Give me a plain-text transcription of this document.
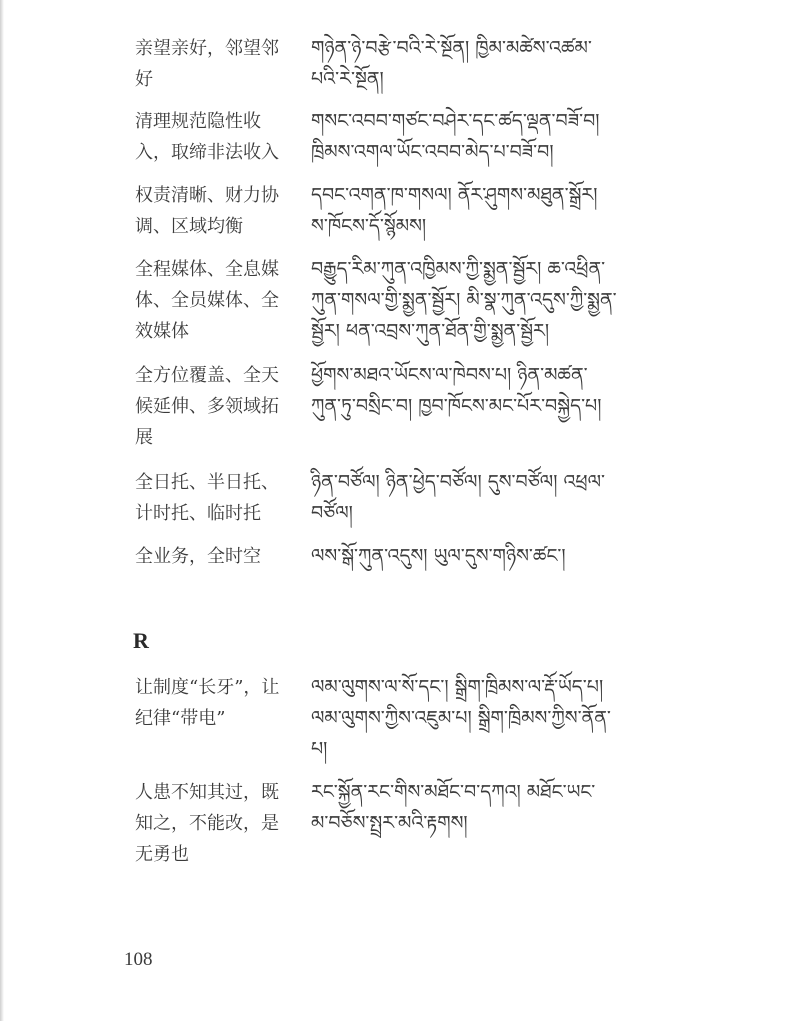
亲望亲好，邻望邻
好
གཉེན་ཉེ་བརྩེ་བའི་རེ་སྔོན། ཁྱིམ་མཚེས་འཚམ་
པའི་རེ་སྔོན།
清理规范隐性收
入，取缔非法收入
གསང་འབབ་གཙང་བཤེར་དང་ཚད་ལྡན་བཟོ་བ།
ཁྲིམས་འགལ་ཡོང་འབབ་མེད་པ་བཟོ་བ།
权责清晰、财力协
调、区域均衡
དབང་འགན་ཁ་གསལ། ནོར་ཤུགས་མཐུན་སྒྲོར།
ས་ཁོངས་དོ་སྙོམས།
全程媒体、全息媒
体、全员媒体、全
效媒体
བརྒྱུད་རིམ་ཀུན་འཁྱིམས་ཀྱི་སྨྱན་སྦྱོར། ཆ་འཕྲིན་
ཀུན་གསལ་གྱི་སྨྱན་སྦྱོར། མི་སྣ་ཀུན་འདུས་ཀྱི་སྨྱན་
སྦྱོར། ཕན་འབྲས་ཀུན་ཐོན་གྱི་སྨྱན་སྦྱོར།
全方位覆盖、全天
候延伸、多领域拓
展
ཕྱོགས་མཐའ་ཡོངས་ལ་ཁེབས་པ། ཉིན་མཚན་
ཀུན་ཏུ་བསྲིང་བ། ཁྱབ་ཁོངས་མང་པོར་བསྐྱེད་པ།
全日托、半日托、
计时托、临时托
ཉིན་བཙོལ། ཉིན་ཕྱེད་བཙོལ། དུས་བཙོལ། འཕྲལ་
བཙོལ།
全业务，全时空	ལས་སྒོ་ཀུན་འདུས། ཡུལ་དུས་གཉིས་ཚང་།
R
让制度“长牙”，让
纪律“带电”
ལམ་ལུགས་ལ་སོ་དང་། སྒྲིག་ཁྲིམས་ལ་རྡོ་ཡོད་པ།
ལམ་ལུགས་ཀྱིས་འཇུམ་པ། སྒྲིག་ཁྲིམས་ཀྱིས་ནོན་
པ།
人患不知其过，既
知之，不能改，是
无勇也
རང་སྐྱོན་རང་གིས་མཐོང་བ་དཀའ། མཐོང་ཡང་
མ་བཅོས་སྤྲར་མའི་རྟགས།
108
